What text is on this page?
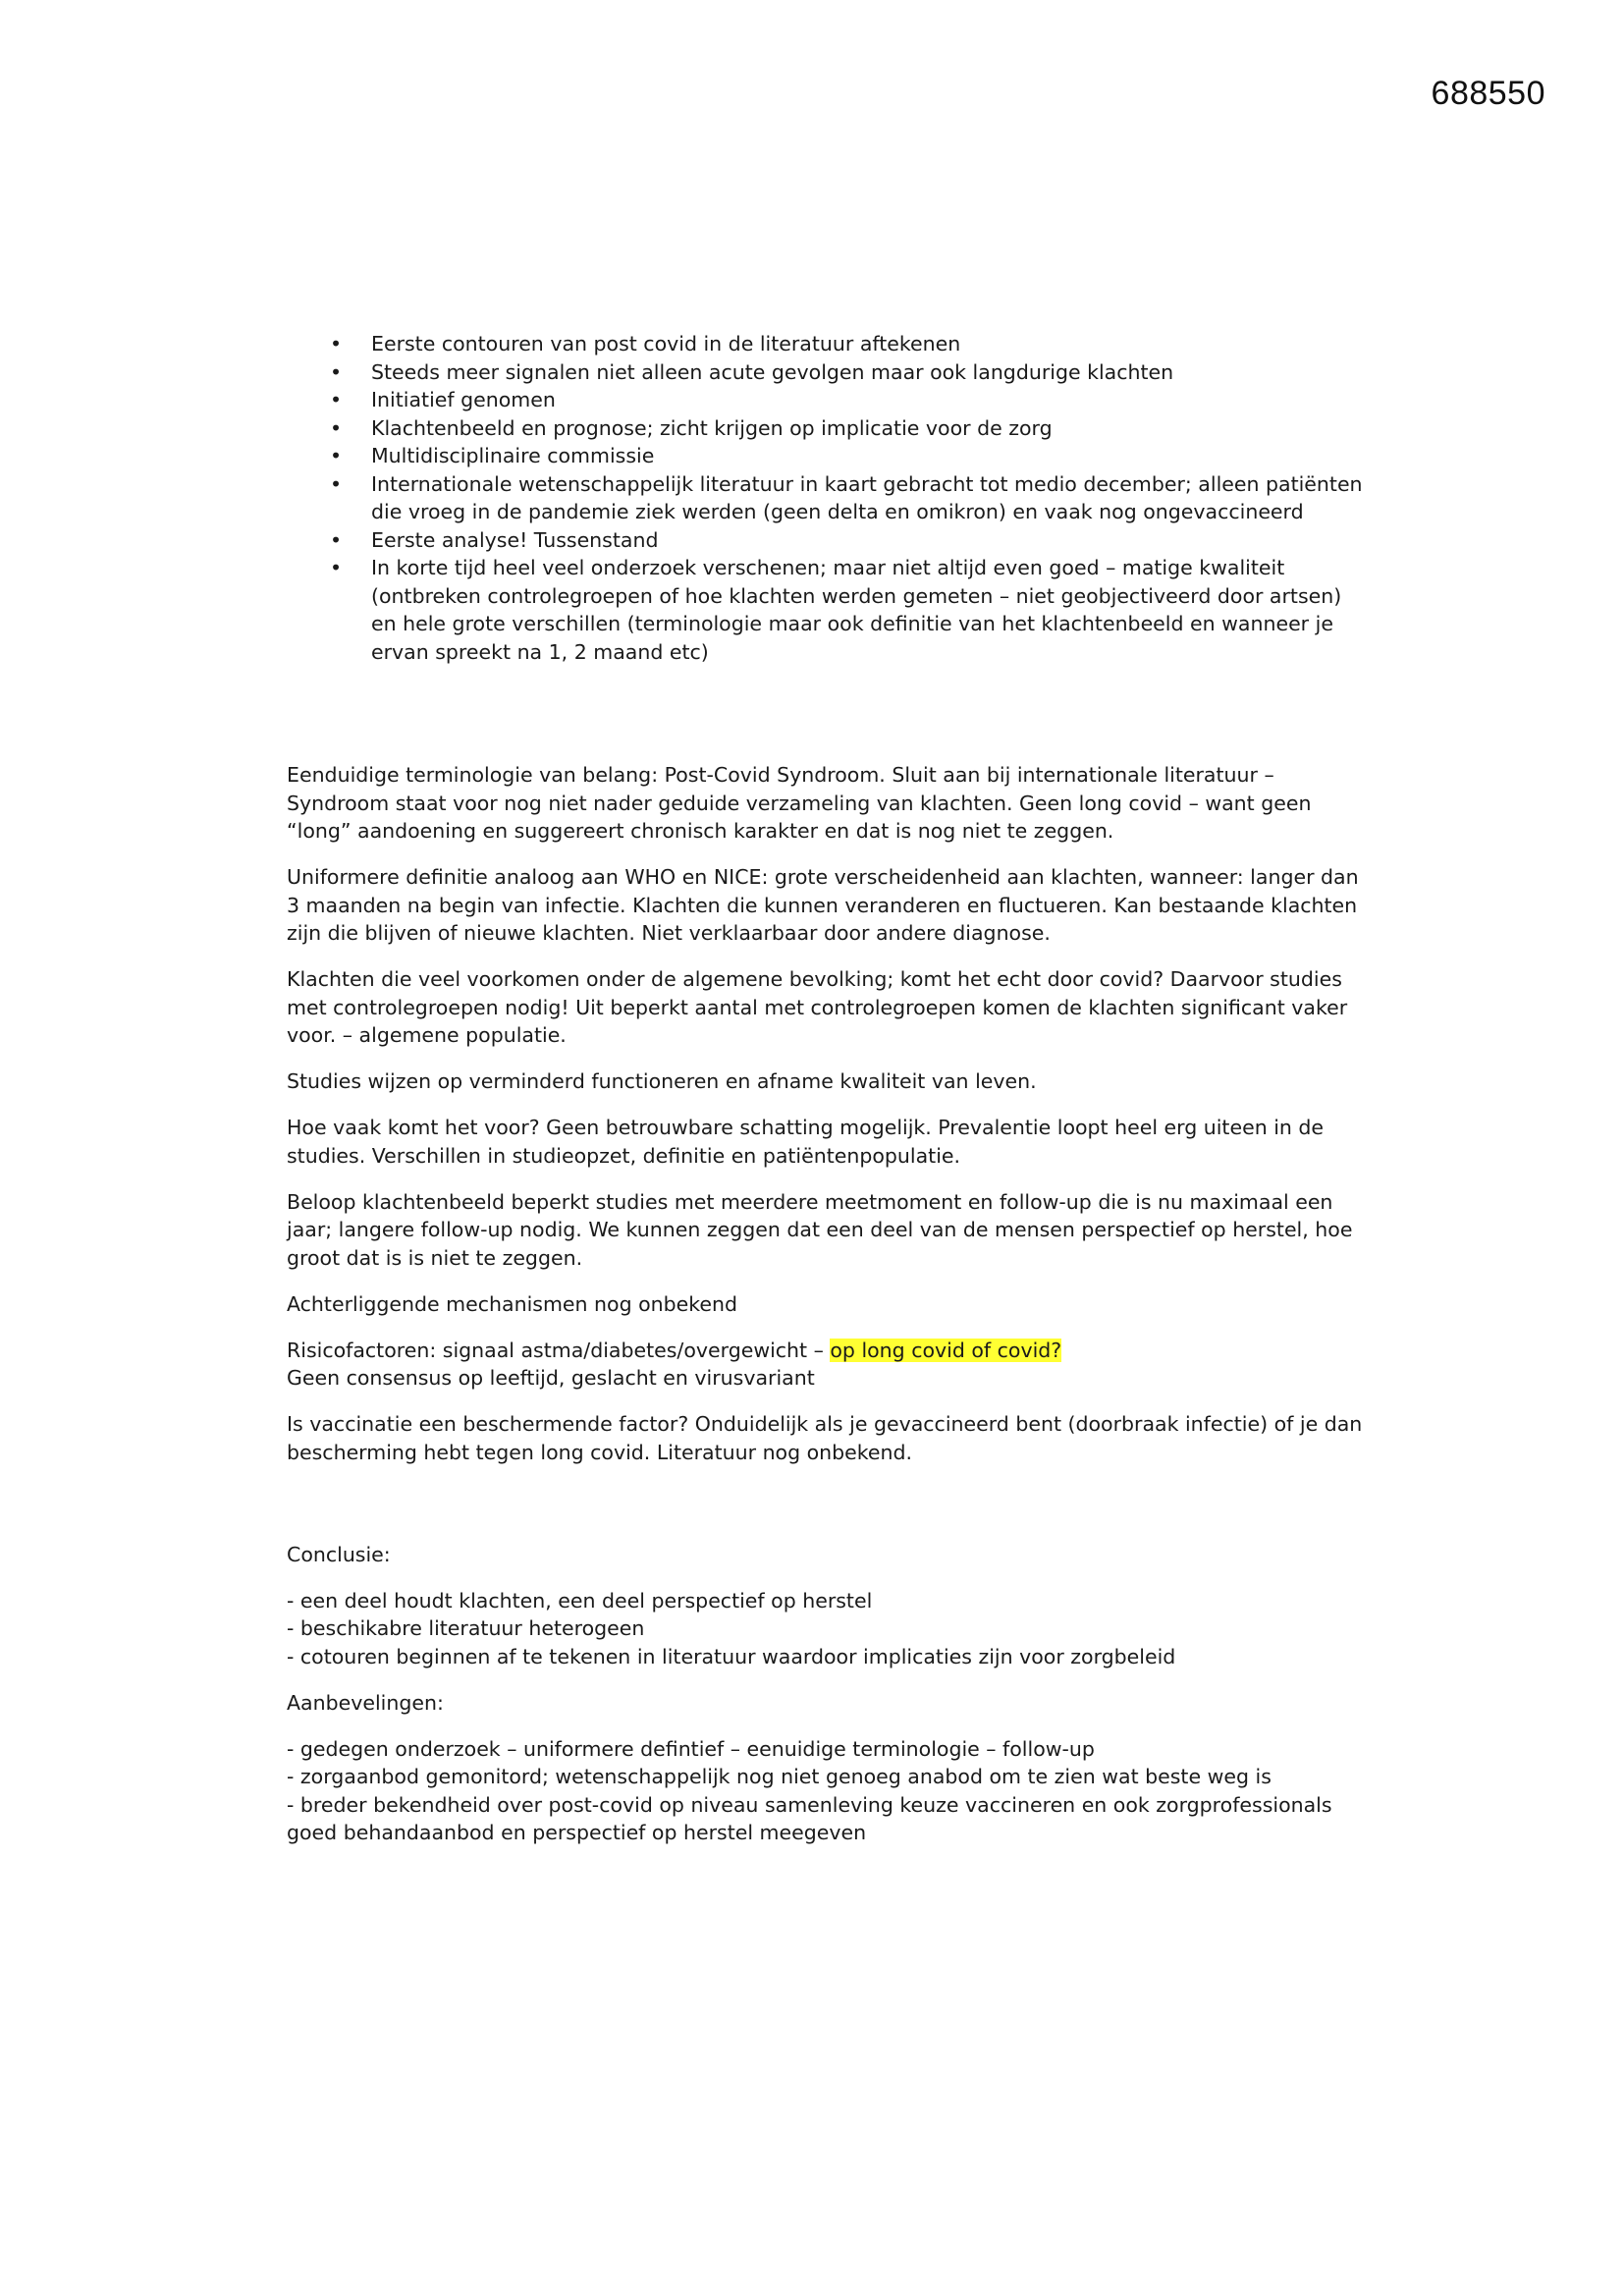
688550
• Eerste contouren van post covid in de literatuur aftekenen
• Steeds meer signalen niet alleen acute gevolgen maar ook langdurige klachten
• Initiatief genomen
• Klachtenbeeld en prognose; zicht krijgen op implicatie voor de zorg
• Multidisciplinaire commissie
• Internationale wetenschappelijk literatuur in kaart gebracht tot medio december; alleen patiënten die vroeg in de pandemie ziek werden (geen delta en omikron) en vaak nog ongevaccineerd
• Eerste analyse! Tussenstand
• In korte tijd heel veel onderzoek verschenen; maar niet altijd even goed – matige kwaliteit (ontbreken controlegroepen of hoe klachten werden gemeten – niet geobjectiveerd door artsen) en hele grote verschillen (terminologie maar ook definitie van het klachtenbeeld en wanneer je ervan spreekt na 1, 2 maand etc)

Eenduidige terminologie van belang: Post-Covid Syndroom. Sluit aan bij internationale literatuur – Syndroom staat voor nog niet nader geduide verzameling van klachten. Geen long covid – want geen “long” aandoening en suggereert chronisch karakter en dat is nog niet te zeggen.

Uniformere definitie analoog aan WHO en NICE: grote verscheidenheid aan klachten, wanneer: langer dan 3 maanden na begin van infectie. Klachten die kunnen veranderen en fluctueren. Kan bestaande klachten zijn die blijven of nieuwe klachten. Niet verklaarbaar door andere diagnose.

Klachten die veel voorkomen onder de algemene bevolking; komt het echt door covid? Daarvoor studies met controlegroepen nodig! Uit beperkt aantal met controlegroepen komen de klachten significant vaker voor. – algemene populatie.

Studies wijzen op verminderd functioneren en afname kwaliteit van leven.

Hoe vaak komt het voor? Geen betrouwbare schatting mogelijk. Prevalentie loopt heel erg uiteen in de studies. Verschillen in studieopzet, definitie en patiëntenpopulatie.

Beloop klachtenbeeld beperkt studies met meerdere meetmoment en follow-up die is nu maximaal een jaar; langere follow-up nodig. We kunnen zeggen dat een deel van de mensen perspectief op herstel, hoe groot dat is is niet te zeggen.

Achterliggende mechanismen nog onbekend

Risicofactoren: signaal astma/diabetes/overgewicht – op long covid of covid?
Geen consensus op leeftijd, geslacht en virusvariant

Is vaccinatie een beschermende factor? Onduidelijk als je gevaccineerd bent (doorbraak infectie) of je dan bescherming hebt tegen long covid. Literatuur nog onbekend.

Conclusie:

- een deel houdt klachten, een deel perspectief op herstel
- beschikabre literatuur heterogeen
- cotouren beginnen af te tekenen in literatuur waardoor implicaties zijn voor zorgbeleid

Aanbevelingen:

- gedegen onderzoek – uniformere defintief – eenuidige terminologie – follow-up
- zorgaanbod gemonitord; wetenschappelijk nog niet genoeg anabod om te zien wat beste weg is
- breder bekendheid over post-covid op niveau samenleving keuze vaccineren en ook zorgprofessionals goed behandaanbod en perspectief op herstel meegeven
